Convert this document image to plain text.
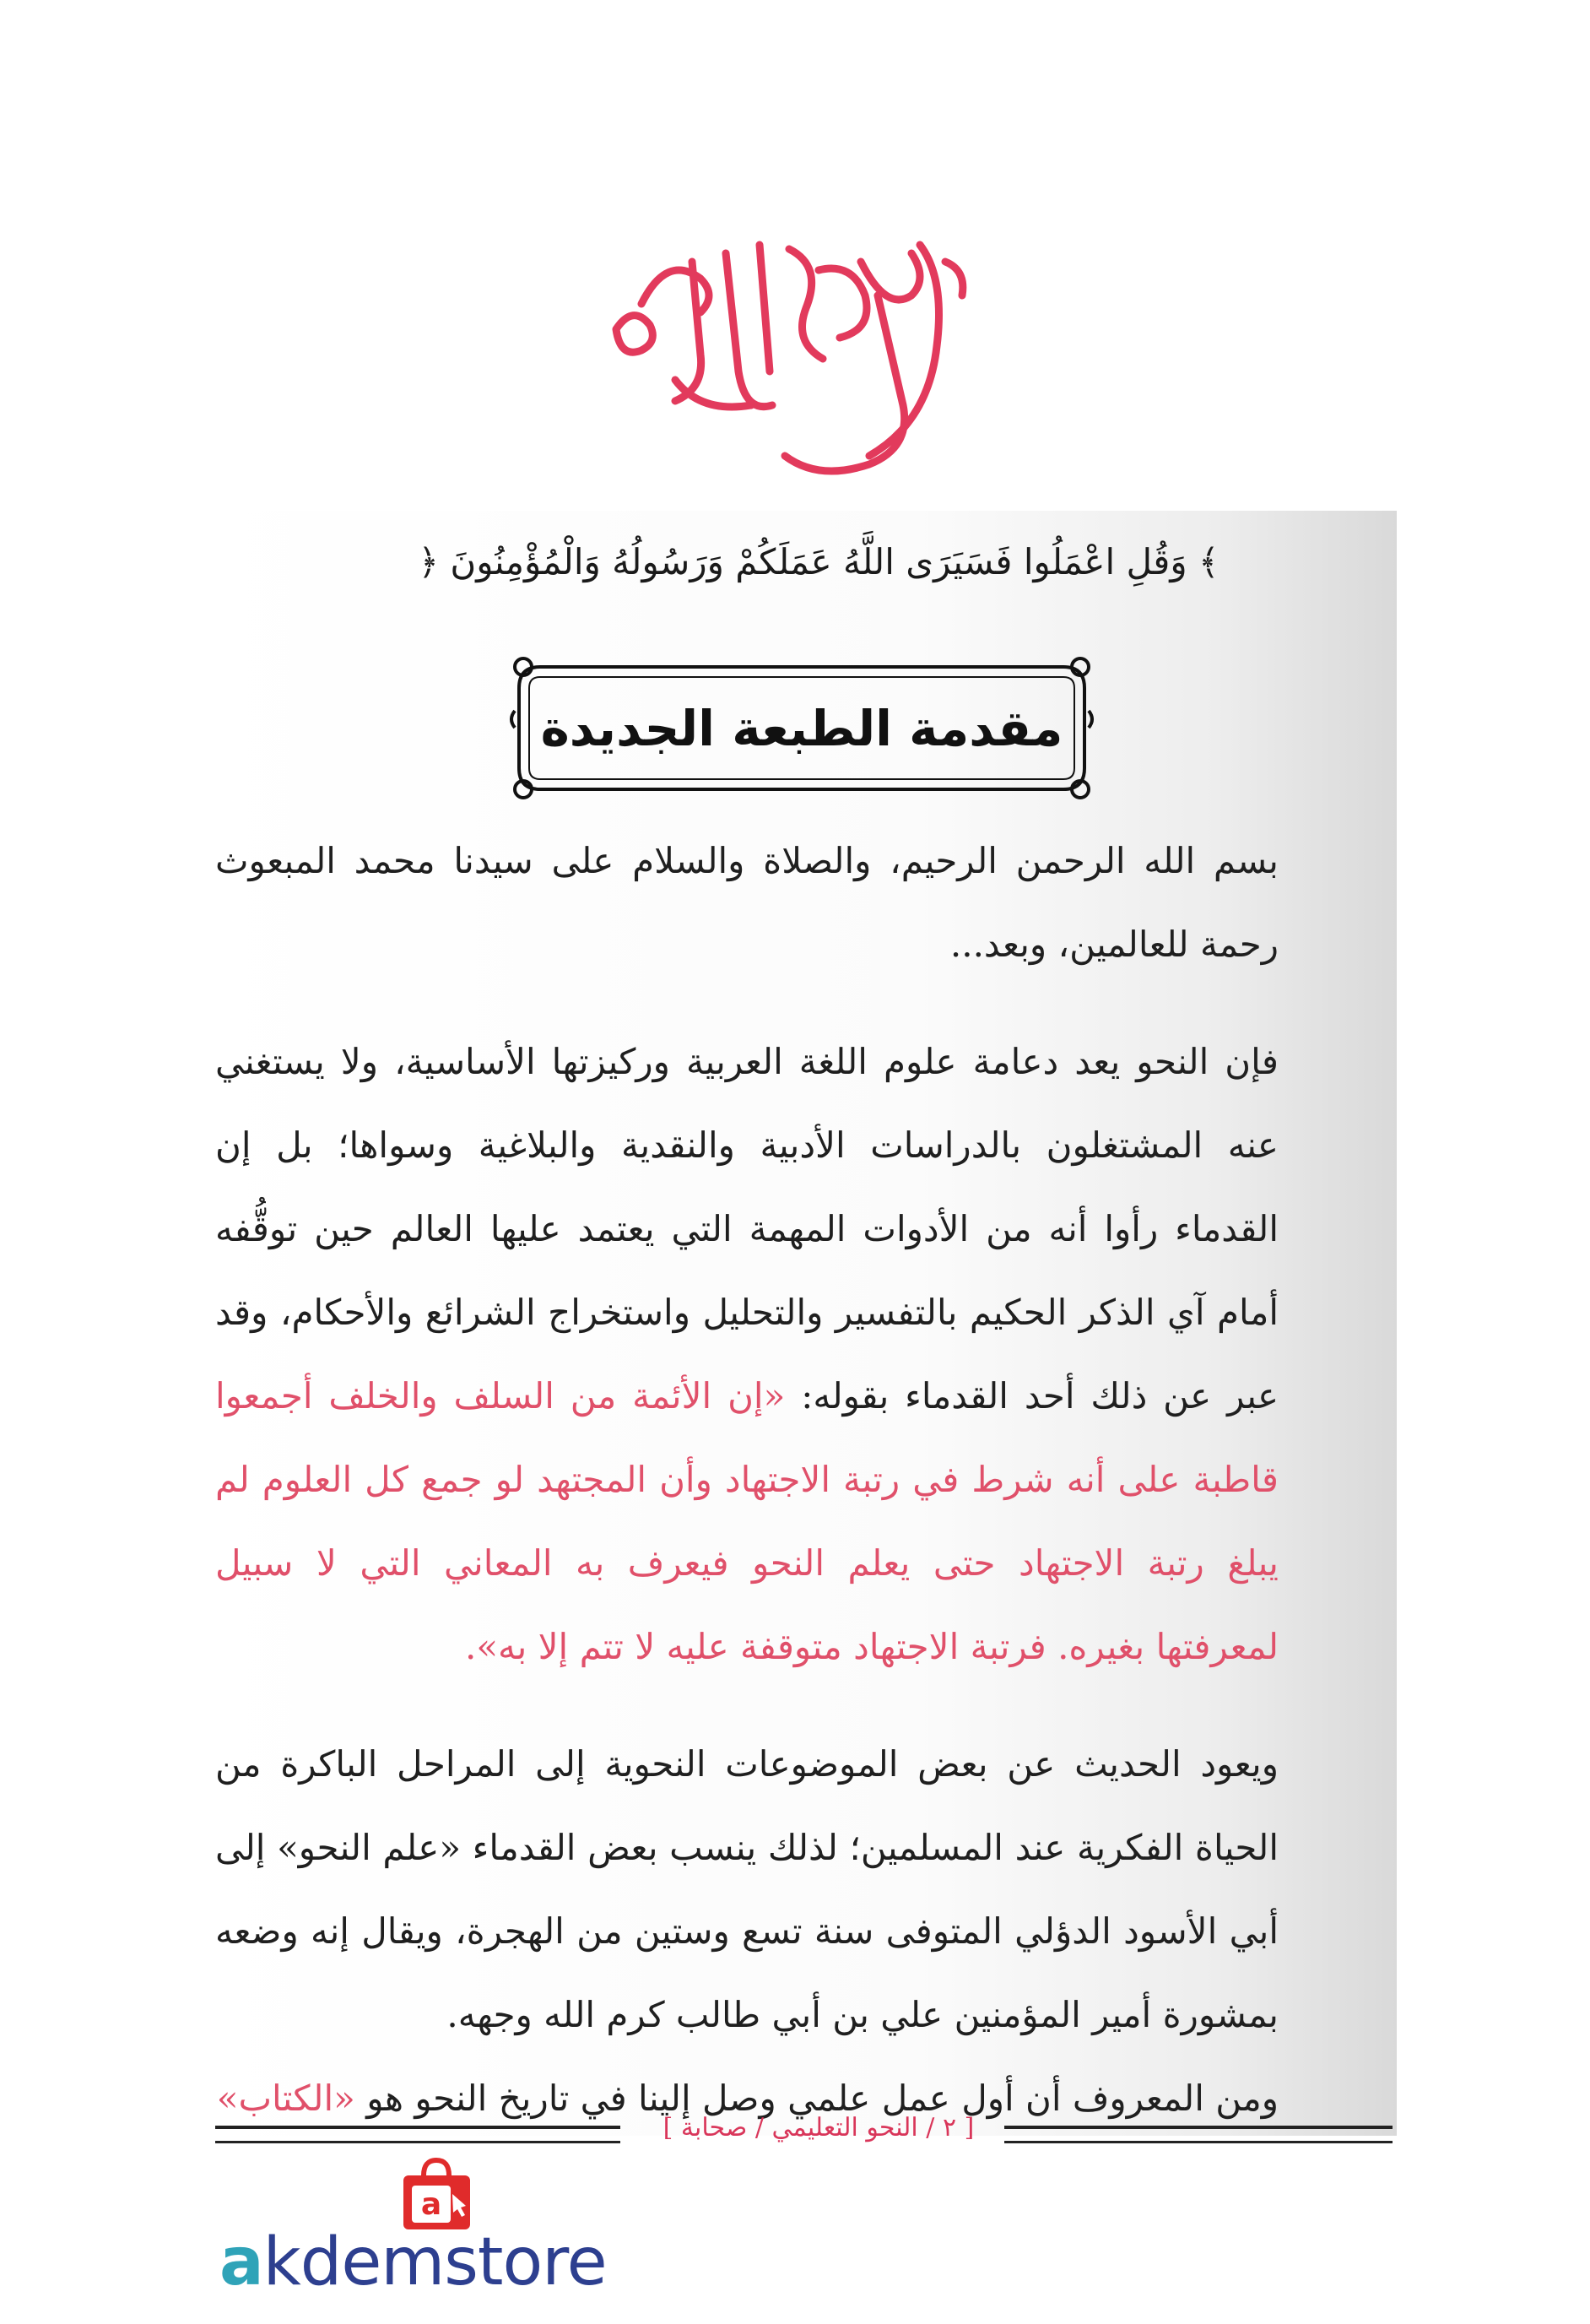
بسم الله الرحمن الرحيم
﴿ وَقُلِ اعْمَلُوا فَسَيَرَى اللَّهُ عَمَلَكُمْ وَرَسُولُهُ وَالْمُؤْمِنُونَ ﴾
مقدمة الطبعة الجديدة

بسم الله الرحمن الرحيم، والصلاة والسلام على سيدنا محمد المبعوث رحمة للعالمين، وبعد...

فإن النحو يعد دعامة علوم اللغة العربية وركيزتها الأساسية، ولا يستغني عنه المشتغلون بالدراسات الأدبية والنقدية والبلاغية وسواها؛ بل إن القدماء رأوا أنه من الأدوات المهمة التي يعتمد عليها العالم حين توقُّفه أمام آي الذكر الحكيم بالتفسير والتحليل واستخراج الشرائع والأحكام، وقد عبر عن ذلك أحد القدماء بقوله: «إن الأئمة من السلف والخلف أجمعوا قاطبة على أنه شرط في رتبة الاجتهاد وأن المجتهد لو جمع كل العلوم لم يبلغ رتبة الاجتهاد حتى يعلم النحو فيعرف به المعاني التي لا سبيل لمعرفتها بغيره. فرتبة الاجتهاد متوقفة عليه لا تتم إلا به».

ويعود الحديث عن بعض الموضوعات النحوية إلى المراحل الباكرة من الحياة الفكرية عند المسلمين؛ لذلك ينسب بعض القدماء «علم النحو» إلى أبي الأسود الدؤلي المتوفى سنة تسع وستين من الهجرة، ويقال إنه وضعه بمشورة أمير المؤمنين علي بن أبي طالب كرم الله وجهه.

ومن المعروف أن أول عمل علمي وصل إلينا في تاريخ النحو هو «الكتاب»

[ ٢ / النحو التعليمي / صحابة ]
a
akdemstore
